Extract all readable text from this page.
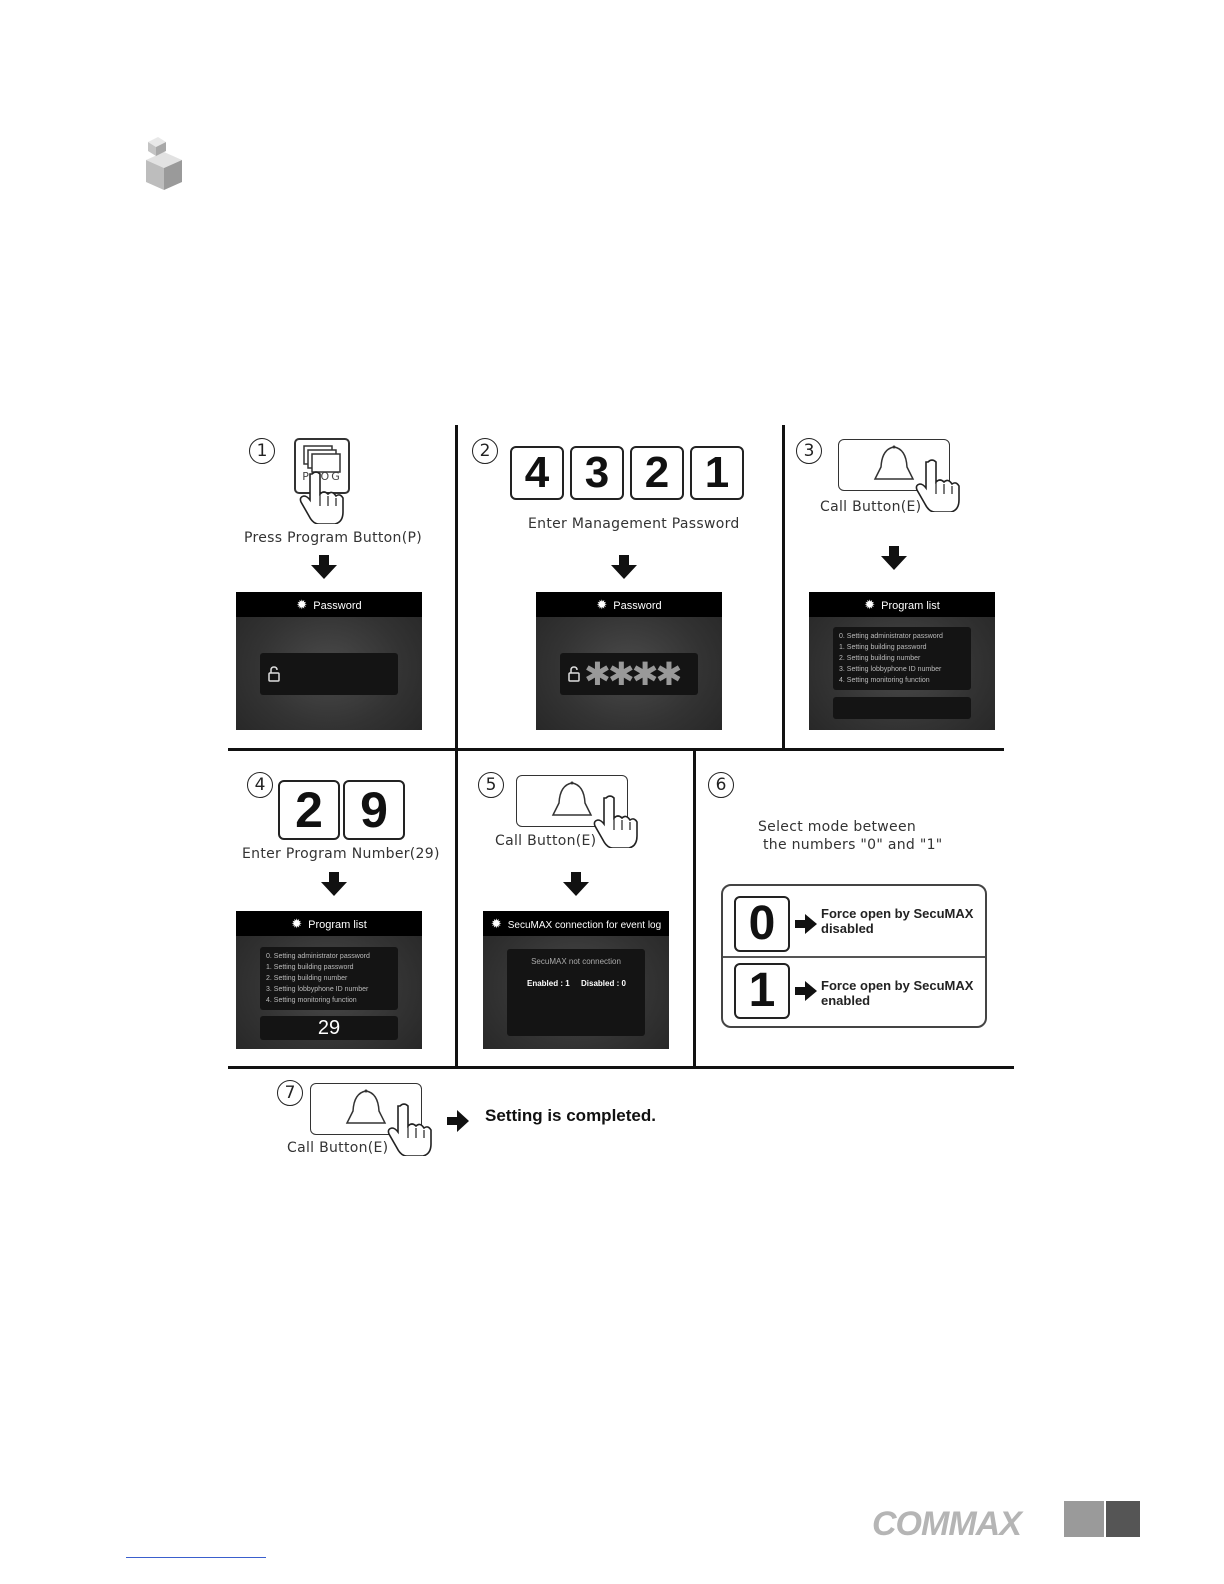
1
PROG
Press Program Button(P)
✹ Password
2 4 3 2 1
Enter Management Password
✹ Password
✱✱✱✱
3
Call Button(E)
✹ Program list
0. Setting administrator password
1. Setting building password
2. Setting building number
3. Setting lobbyphone ID number
4. Setting monitoring function
4 2 9
Enter Program Number(29)
✹ Program list
0. Setting administrator password
1. Setting building password
2. Setting building number
3. Setting lobbyphone ID number
4. Setting monitoring function
29
5
Call Button(E)
✹ SecuMAX connection for event log
SecuMAX not connection
Enabled : 1 Disabled : 0
6
Select mode between
the numbers "0" and "1"
0	Force open by SecuMAX
disabled
1	Force open by SecuMAX
enabled
7
Call Button(E)
Setting is completed.
COMMAX
